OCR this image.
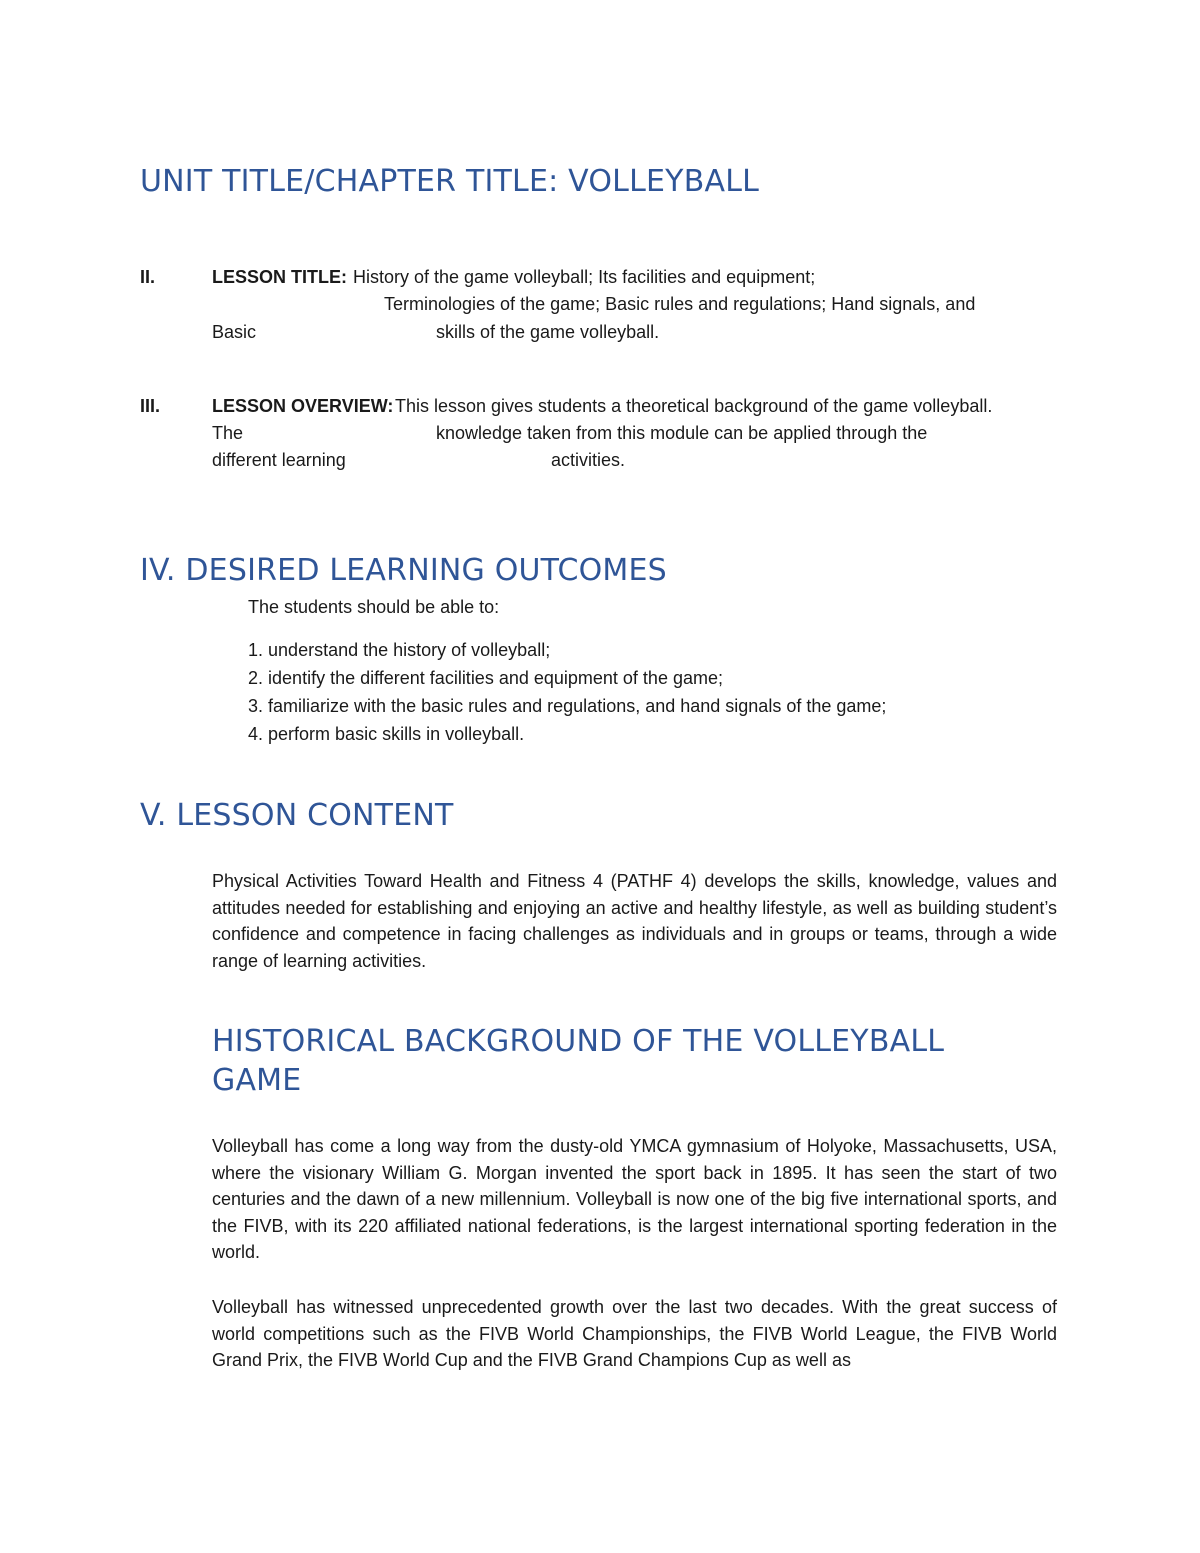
UNIT TITLE/CHAPTER TITLE: VOLLEYBALL
II.	LESSON TITLE: History of the game volleyball; Its facilities and equipment;
Terminologies of the game; Basic rules and regulations; Hand signals, and
Basic	skills of the game volleyball.
III.	LESSON OVERVIEW: This lesson gives students a theoretical background of the game volleyball.
The	knowledge taken from this module can be applied through the
different learning	activities.
IV. DESIRED LEARNING OUTCOMES
The students should be able to:
1. understand the history of volleyball;
2. identify the different facilities and equipment of the game;
3. familiarize with the basic rules and regulations, and hand signals of the game;
4. perform basic skills in volleyball.
V. LESSON CONTENT

Physical Activities Toward Health and Fitness 4 (PATHF 4) develops the skills, knowledge, values and attitudes needed for establishing and enjoying an active and healthy lifestyle, as well as building student’s confidence and competence in facing challenges as individuals and in groups or teams, through a wide range of learning activities.

HISTORICAL BACKGROUND OF THE VOLLEYBALL
GAME

Volleyball has come a long way from the dusty-old YMCA gymnasium of Holyoke, Massachusetts, USA, where the visionary William G. Morgan invented the sport back in 1895. It has seen the start of two centuries and the dawn of a new millennium. Volleyball is now one of the big five international sports, and the FIVB, with its 220 affiliated national federations, is the largest international sporting federation in the world.

Volleyball has witnessed unprecedented growth over the last two decades. With the great success of world competitions such as the FIVB World Championships, the FIVB World League, the FIVB World Grand Prix, the FIVB World Cup and the FIVB Grand Champions Cup as well as
